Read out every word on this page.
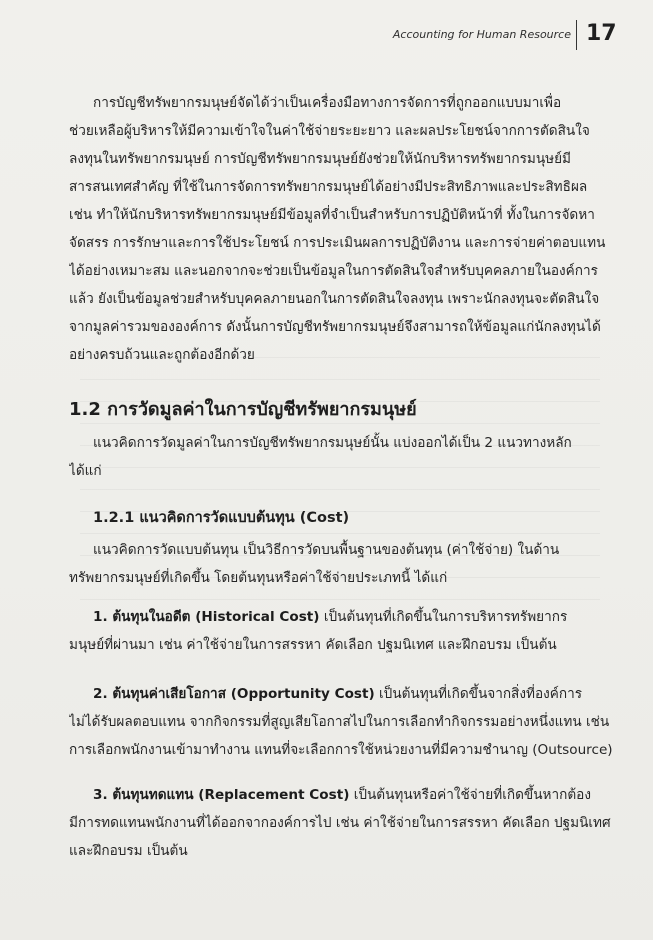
Accounting for Human Resource 17
การบัญชีทรัพยากรมนุษย์จัดได้ว่าเป็นเครื่องมือทางการจัดการที่ถูกออกแบบมาเพื่อ
ช่วยเหลือผู้บริหารให้มีความเข้าใจในค่าใช้จ่ายระยะยาว และผลประโยชน์จากการตัดสินใจ
ลงทุนในทรัพยากรมนุษย์ การบัญชีทรัพยากรมนุษย์ยังช่วยให้นักบริหารทรัพยากรมนุษย์มี
สารสนเทศสำคัญ ที่ใช้ในการจัดการทรัพยากรมนุษย์ได้อย่างมีประสิทธิภาพและประสิทธิผล
เช่น ทำให้นักบริหารทรัพยากรมนุษย์มีข้อมูลที่จำเป็นสำหรับการปฏิบัติหน้าที่ ทั้งในการจัดหา
จัดสรร การรักษาและการใช้ประโยชน์ การประเมินผลการปฏิบัติงาน และการจ่ายค่าตอบแทน
ได้อย่างเหมาะสม และนอกจากจะช่วยเป็นข้อมูลในการตัดสินใจสำหรับบุคคลภายในองค์การ
แล้ว ยังเป็นข้อมูลช่วยสำหรับบุคคลภายนอกในการตัดสินใจลงทุน เพราะนักลงทุนจะตัดสินใจ
จากมูลค่ารวมขององค์การ ดังนั้นการบัญชีทรัพยากรมนุษย์จึงสามารถให้ข้อมูลแก่นักลงทุนได้
อย่างครบถ้วนและถูกต้องอีกด้วย
1.2 การวัดมูลค่าในการบัญชีทรัพยากรมนุษย์
แนวคิดการวัดมูลค่าในการบัญชีทรัพยากรมนุษย์นั้น แบ่งออกได้เป็น 2 แนวทางหลัก
ได้แก่
1.2.1 แนวคิดการวัดแบบต้นทุน (Cost)
แนวคิดการวัดแบบต้นทุน เป็นวิธีการวัดบนพื้นฐานของต้นทุน (ค่าใช้จ่าย) ในด้าน
ทรัพยากรมนุษย์ที่เกิดขึ้น โดยต้นทุนหรือค่าใช้จ่ายประเภทนี้ ได้แก่
1. ต้นทุนในอดีต (Historical Cost) เป็นต้นทุนที่เกิดขึ้นในการบริหารทรัพยากร
มนุษย์ที่ผ่านมา เช่น ค่าใช้จ่ายในการสรรหา คัดเลือก ปฐมนิเทศ และฝึกอบรม เป็นต้น
2. ต้นทุนค่าเสียโอกาส (Opportunity Cost) เป็นต้นทุนที่เกิดขึ้นจากสิ่งที่องค์การ
ไม่ได้รับผลตอบแทน จากกิจกรรมที่สูญเสียโอกาสไปในการเลือกทำกิจกรรมอย่างหนึ่งแทน เช่น
การเลือกพนักงานเข้ามาทำงาน แทนที่จะเลือกการใช้หน่วยงานที่มีความชำนาญ (Outsource)
3. ต้นทุนทดแทน (Replacement Cost) เป็นต้นทุนหรือค่าใช้จ่ายที่เกิดขึ้นหากต้อง
มีการทดแทนพนักงานที่ได้ออกจากองค์การไป เช่น ค่าใช้จ่ายในการสรรหา คัดเลือก ปฐมนิเทศ
และฝึกอบรม เป็นต้น
